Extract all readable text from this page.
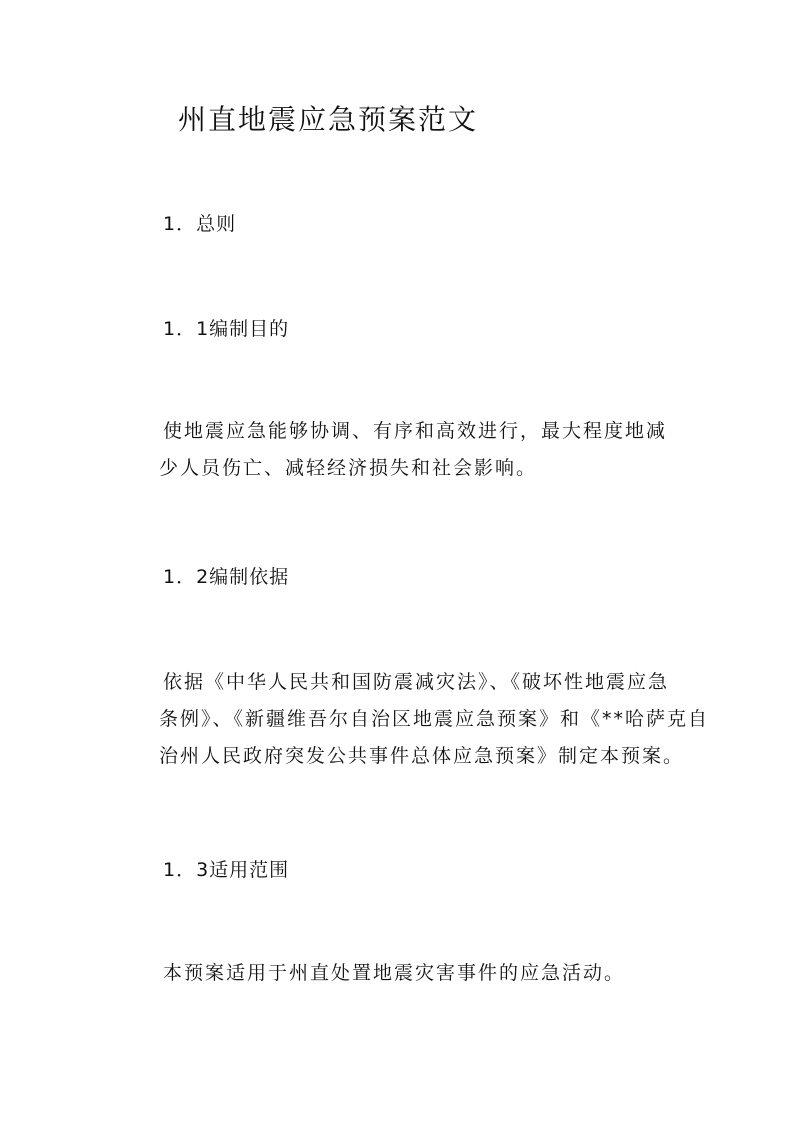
州直地震应急预案范文
1．总则
1．1编制目的
使地震应急能够协调、有序和高效进行，最大程度地减
少人员伤亡、减轻经济损失和社会影响。
1．2编制依据
依据《中华人民共和国防震减灾法》、《破坏性地震应急
条例》、《新疆维吾尔自治区地震应急预案》和《**哈萨克自
治州人民政府突发公共事件总体应急预案》制定本预案。
1．3适用范围
本预案适用于州直处置地震灾害事件的应急活动。
